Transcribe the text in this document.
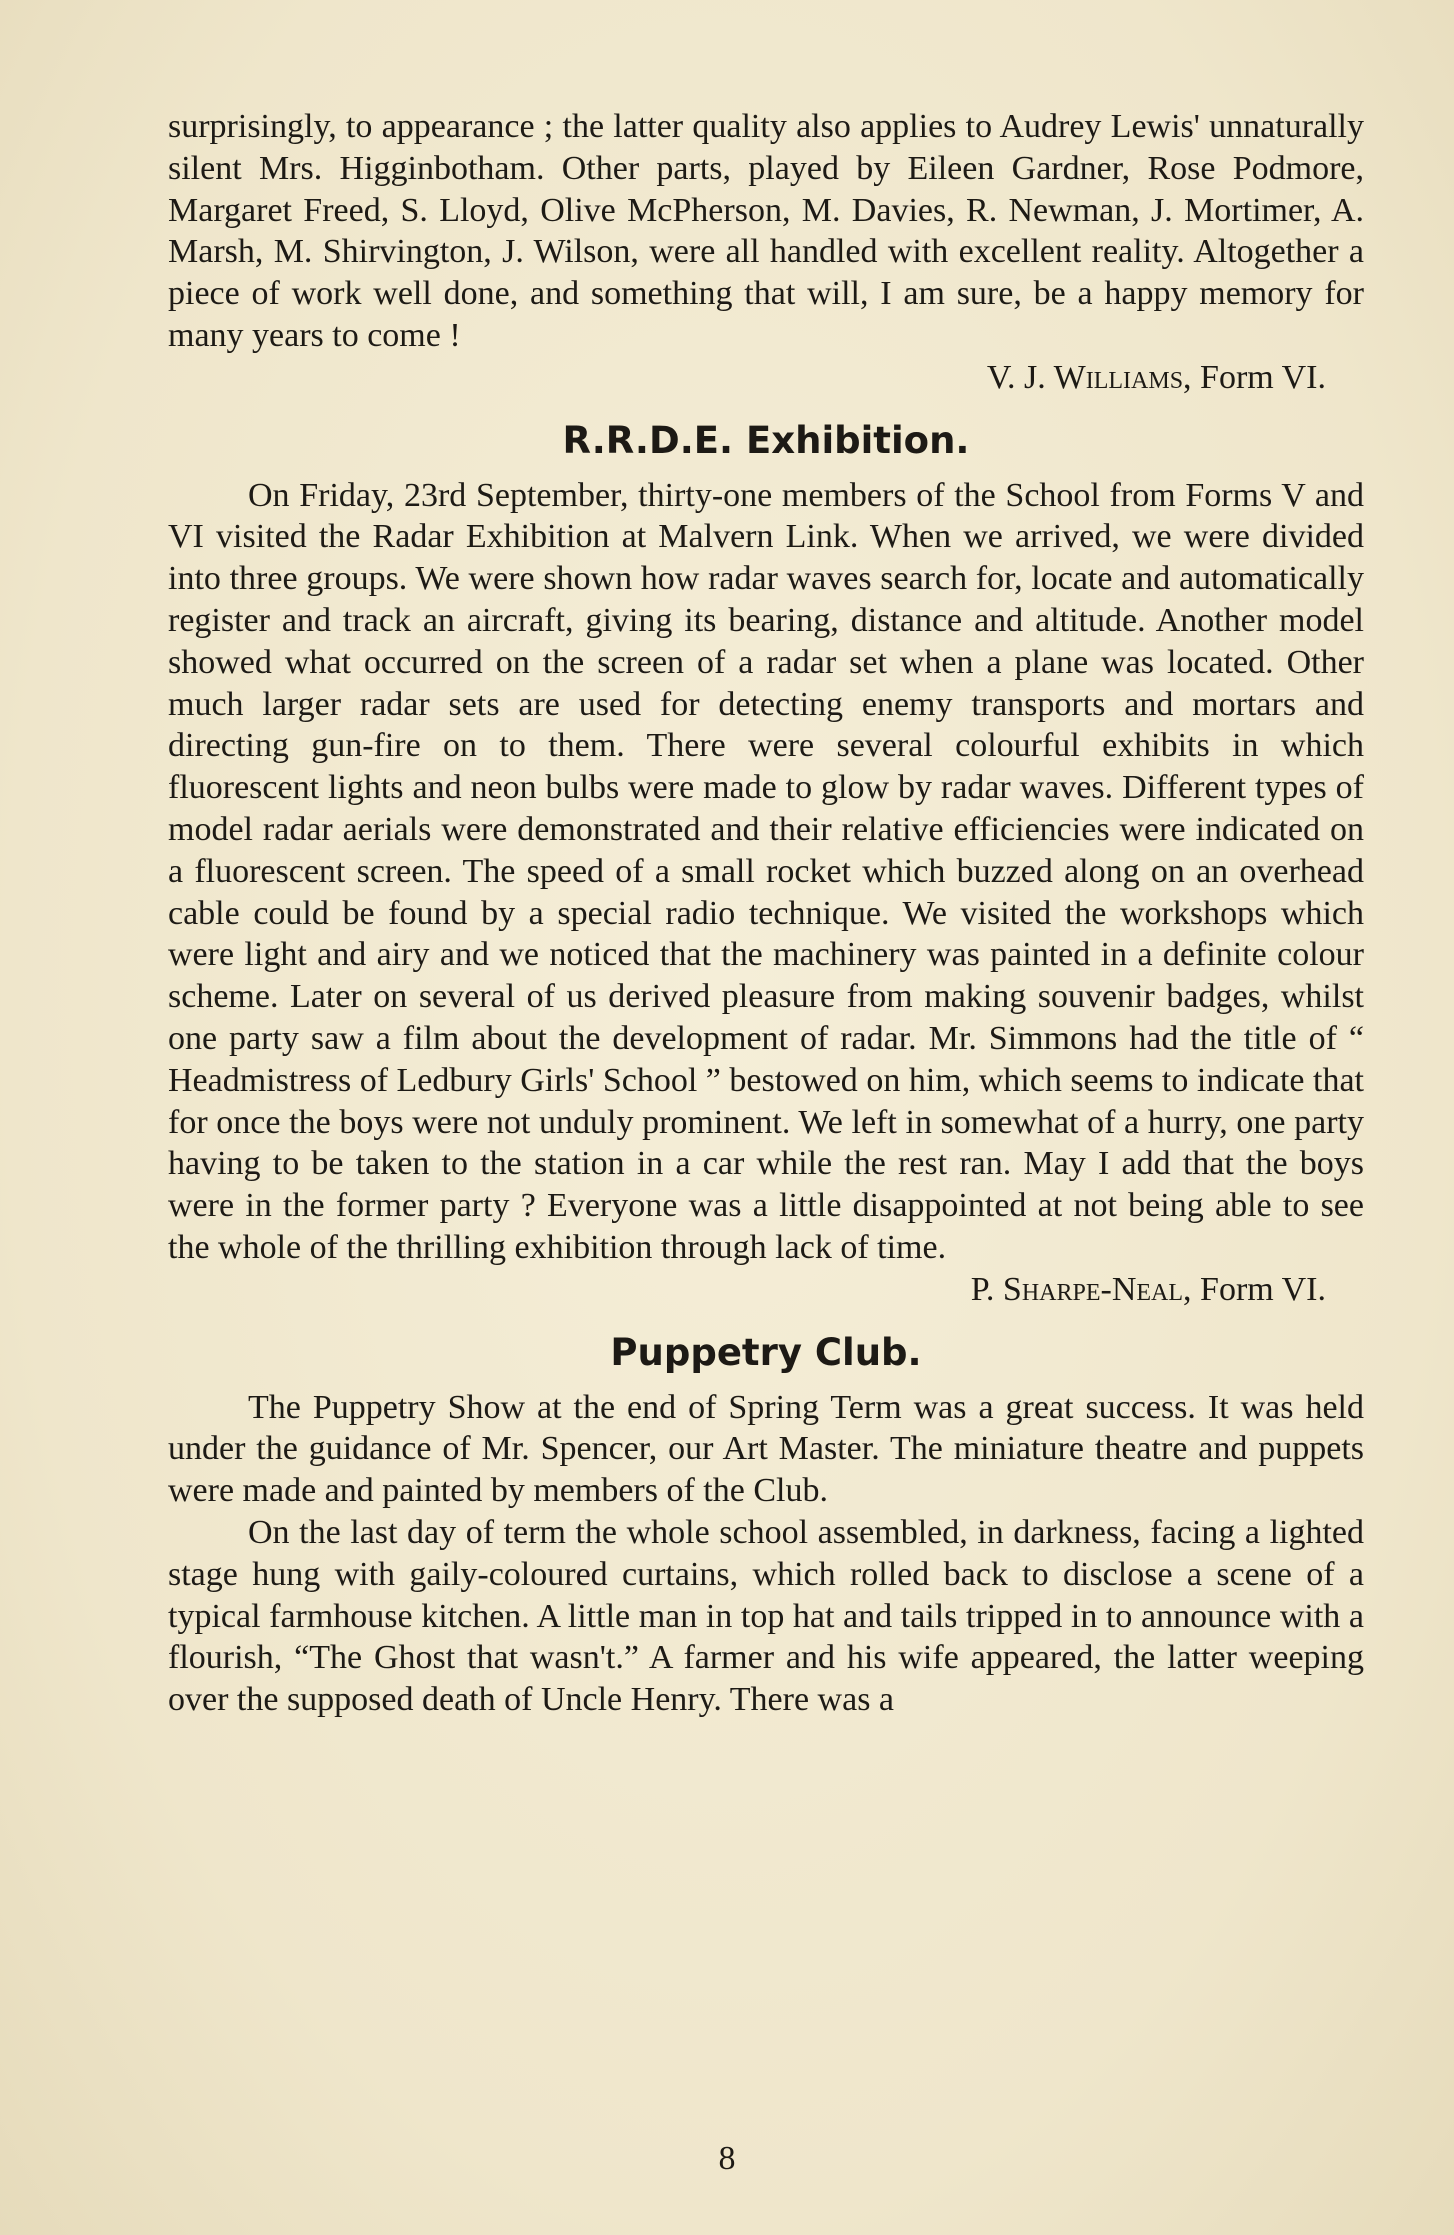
surprisingly, to appearance ; the latter quality also applies to Audrey Lewis' unnaturally silent Mrs. Higginbotham. Other parts, played by Eileen Gardner, Rose Podmore, Margaret Freed, S. Lloyd, Olive McPherson, M. Davies, R. Newman, J. Mortimer, A. Marsh, M. Shirvington, J. Wilson, were all handled with excellent reality. Altogether a piece of work well done, and something that will, I am sure, be a happy memory for many years to come !

V. J. Williams, Form VI.

R.R.D.E. Exhibition.

On Friday, 23rd September, thirty-one members of the School from Forms V and VI visited the Radar Exhibition at Malvern Link. When we arrived, we were divided into three groups. We were shown how radar waves search for, locate and automatically register and track an aircraft, giving its bearing, distance and altitude. Another model showed what occurred on the screen of a radar set when a plane was located. Other much larger radar sets are used for detecting enemy transports and mortars and directing gun-fire on to them. There were several colourful exhibits in which fluorescent lights and neon bulbs were made to glow by radar waves. Different types of model radar aerials were demonstrated and their relative efficiencies were indicated on a fluorescent screen. The speed of a small rocket which buzzed along on an overhead cable could be found by a special radio technique. We visited the workshops which were light and airy and we noticed that the machinery was painted in a definite colour scheme. Later on several of us derived pleasure from making souvenir badges, whilst one party saw a film about the development of radar. Mr. Simmons had the title of “ Headmistress of Ledbury Girls' School ” bestowed on him, which seems to indicate that for once the boys were not unduly prominent. We left in somewhat of a hurry, one party having to be taken to the station in a car while the rest ran. May I add that the boys were in the former party ? Everyone was a little disappointed at not being able to see the whole of the thrilling exhibition through lack of time.

P. Sharpe-Neal, Form VI.

Puppetry Club.

The Puppetry Show at the end of Spring Term was a great success. It was held under the guidance of Mr. Spencer, our Art Master. The miniature theatre and puppets were made and painted by members of the Club.

On the last day of term the whole school assembled, in darkness, facing a lighted stage hung with gaily-coloured curtains, which rolled back to disclose a scene of a typical farmhouse kitchen. A little man in top hat and tails tripped in to announce with a flourish, “The Ghost that wasn't.” A farmer and his wife appeared, the latter weeping over the supposed death of Uncle Henry. There was a

8
